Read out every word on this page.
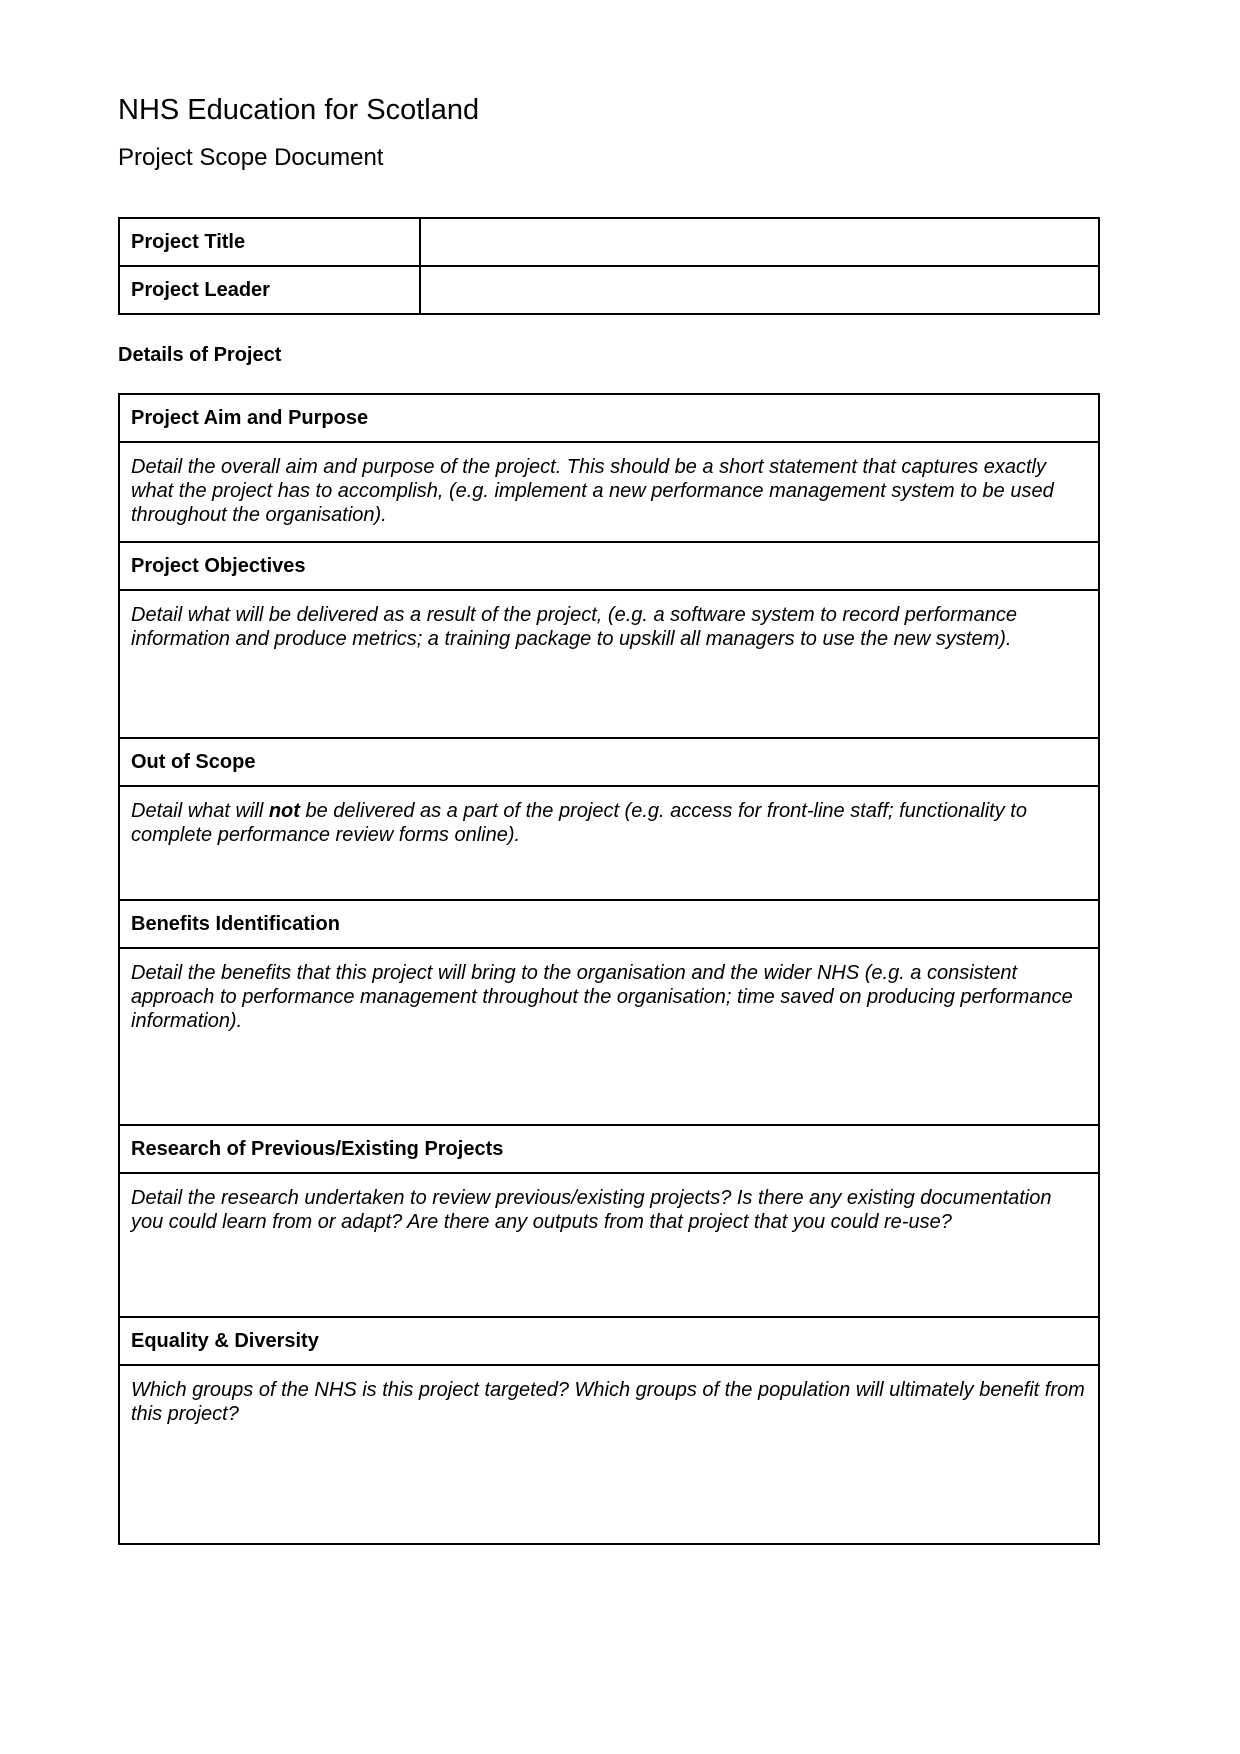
NHS Education for Scotland
Project Scope Document
Project Title	
Project Leader	
Details of Project
Project Aim and Purpose
Detail the overall aim and purpose of the project. This should be a short statement that captures exactly what the project has to accomplish, (e.g. implement a new performance management system to be used throughout the organisation).
Project Objectives
Detail what will be delivered as a result of the project, (e.g. a software system to record performance information and produce metrics; a training package to upskill all managers to use the new system).
Out of Scope
Detail what will not be delivered as a part of the project (e.g. access for front-line staff; functionality to complete performance review forms online).
Benefits Identification
Detail the benefits that this project will bring to the organisation and the wider NHS (e.g. a consistent approach to performance management throughout the organisation; time saved on producing performance information).
Research of Previous/Existing Projects
Detail the research undertaken to review previous/existing projects? Is there any existing documentation you could learn from or adapt? Are there any outputs from that project that you could re-use?
Equality & Diversity
Which groups of the NHS is this project targeted? Which groups of the population will ultimately benefit from this project?
